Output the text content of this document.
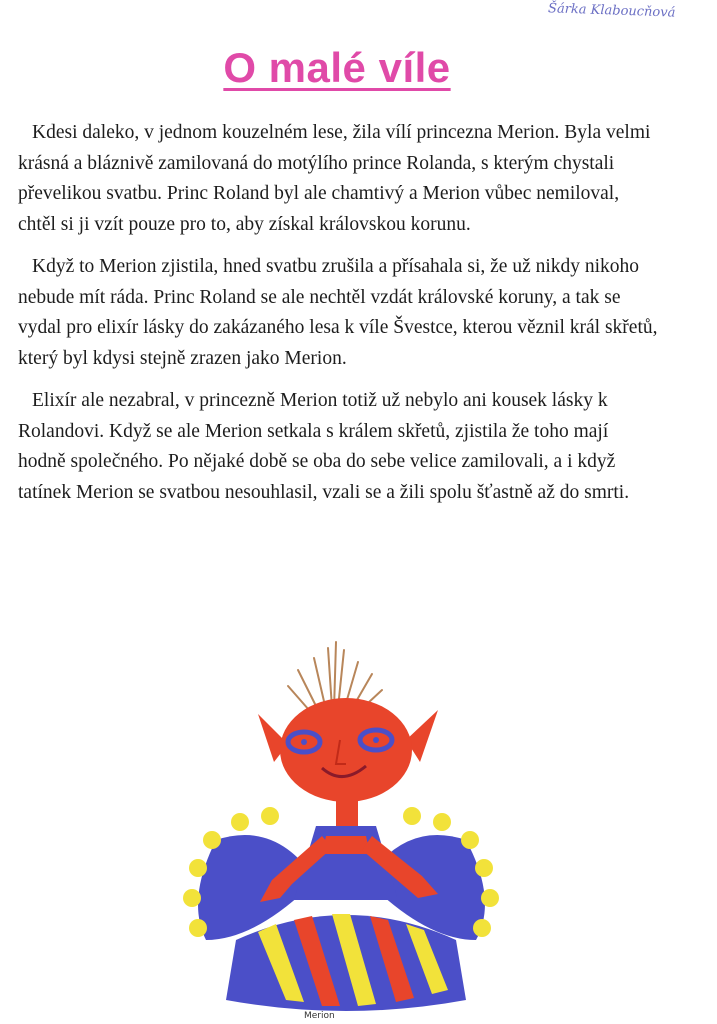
Šárka Klaboucňová
O malé víle

Kdesi daleko, v jednom kouzelném lese, žila vílí princezna Merion. Byla velmi krásná a bláznivě zamilovaná do motýlího prince Rolanda, s kterým chystali převelikou svatbu. Princ Roland byl ale chamtivý a Merion vůbec nemiloval, chtěl si ji vzít pouze pro to, aby získal královskou korunu.

Když to Merion zjistila, hned svatbu zrušila a přísahala si, že už nikdy nikoho nebude mít ráda. Princ Roland se ale nechtěl vzdát královské koruny, a tak se vydal pro elixír lásky do zakázaného lesa k víle Švestce, kterou věznil král skřetů, který byl kdysi stejně zrazen jako Merion.

Elixír ale nezabral, v princezně Merion totiž už nebylo ani kousek lásky k Rolandovi. Když se ale Merion setkala s králem skřetů, zjistila že toho mají hodně společného. Po nějaké době se oba do sebe velice zamilovali, a i když tatínek Merion se svatbou nesouhlasil, vzali se a žili spolu šťastně až do smrti.

Merion
